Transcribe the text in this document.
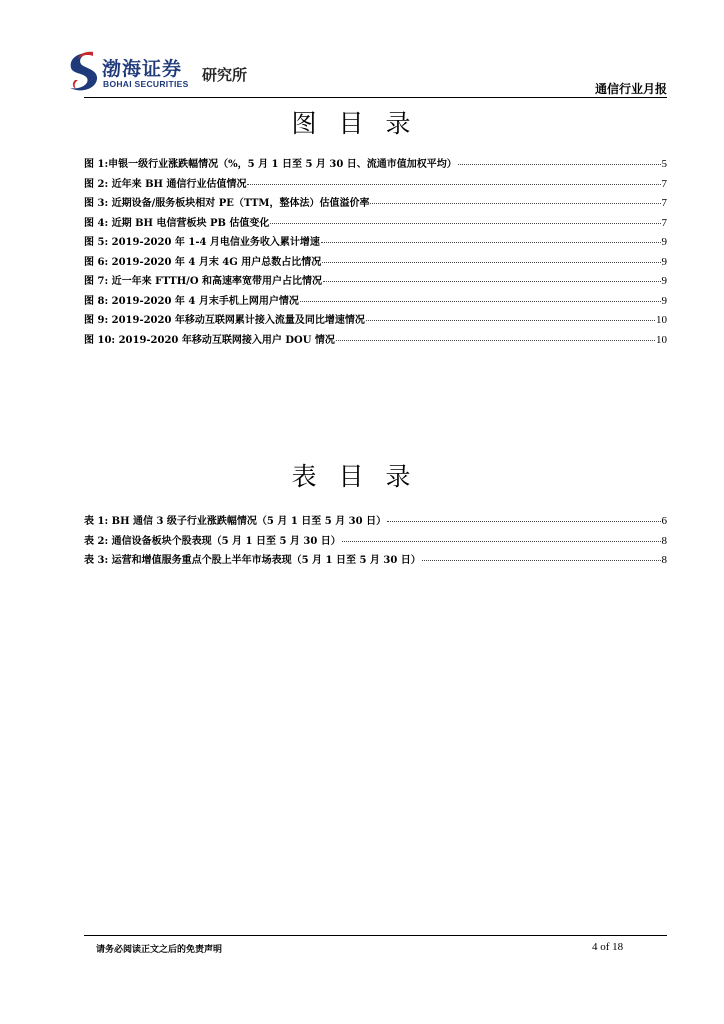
渤海证券
BOHAI SECURITIES 研究所
通信行业月报
图目录
图 1:申银一级行业涨跌幅情况（%，5 月 1 日至 5 月 30 日、流通市值加权平均）	5
图 2: 近年来 BH 通信行业估值情况	7
图 3: 近期设备/服务板块相对 PE（TTM，整体法）估值溢价率	7
图 4: 近期 BH 电信营板块 PB 估值变化	7
图 5: 2019-2020 年 1-4 月电信业务收入累计增速	9
图 6: 2019-2020 年 4 月末 4G 用户总数占比情况	9
图 7: 近一年来 FTTH/O 和高速率宽带用户占比情况	9
图 8: 2019-2020 年 4 月末手机上网用户情况	9
图 9: 2019-2020 年移动互联网累计接入流量及同比增速情况	10
图 10: 2019-2020 年移动互联网接入用户 DOU 情况	10
表目录
表 1: BH 通信 3 级子行业涨跌幅情况（5 月 1 日至 5 月 30 日）	6
表 2: 通信设备板块个股表现（5 月 1 日至 5 月 30 日）	8
表 3: 运营和增值服务重点个股上半年市场表现（5 月 1 日至 5 月 30 日）	8
请务必阅读正文之后的免责声明	4 of 18
